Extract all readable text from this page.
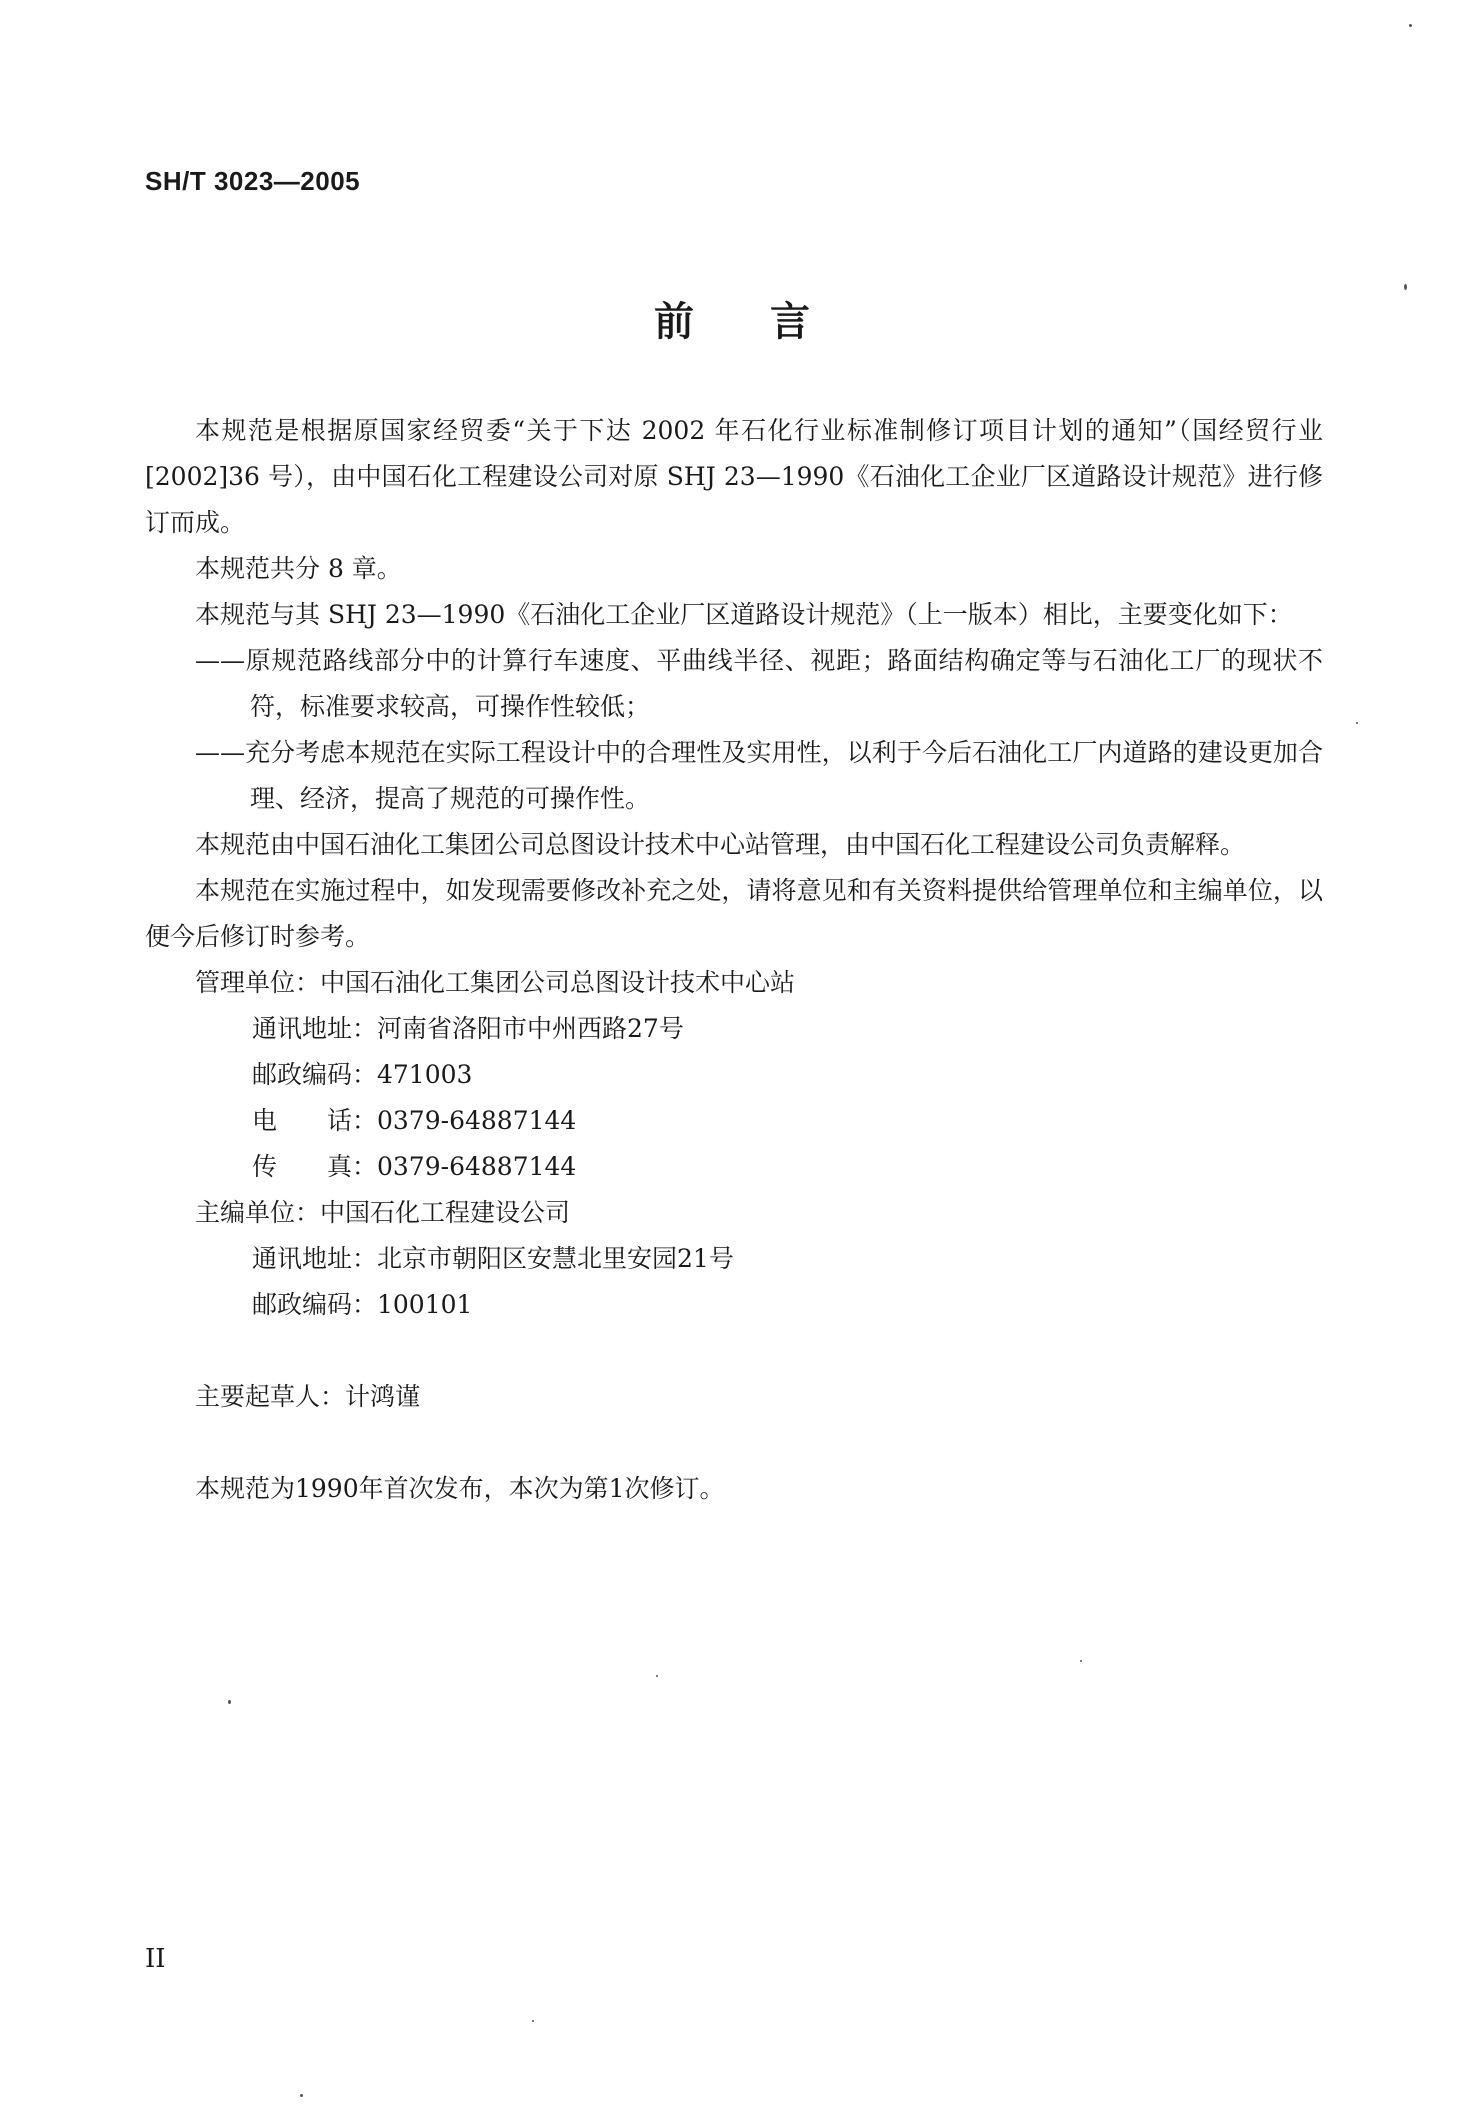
SH/T 3023—2005
前言

本规范是根据原国家经贸委“关于下达 2002 年石化行业标准制修订项目计划的通知”（国经贸行业[2002]36 号），由中国石化工程建设公司对原 SHJ 23—1990《石油化工企业厂区道路设计规范》进行修订而成。

本规范共分 8 章。

本规范与其 SHJ 23—1990《石油化工企业厂区道路设计规范》（上一版本）相比，主要变化如下：

——原规范路线部分中的计算行车速度、平曲线半径、视距；路面结构确定等与石油化工厂的现状不符，标准要求较高，可操作性较低；

——充分考虑本规范在实际工程设计中的合理性及实用性，以利于今后石油化工厂内道路的建设更加合理、经济，提高了规范的可操作性。

本规范由中国石油化工集团公司总图设计技术中心站管理，由中国石化工程建设公司负责解释。

本规范在实施过程中，如发现需要修改补充之处，请将意见和有关资料提供给管理单位和主编单位，以便今后修订时参考。

管理单位：中国石油化工集团公司总图设计技术中心站

通讯地址：河南省洛阳市中州西路27号

邮政编码：471003

电　　话：0379-64887144

传　　真：0379-64887144

主编单位：中国石化工程建设公司

通讯地址：北京市朝阳区安慧北里安园21号

邮政编码：100101

主要起草人：计鸿谨

本规范为1990年首次发布，本次为第1次修订。

II
